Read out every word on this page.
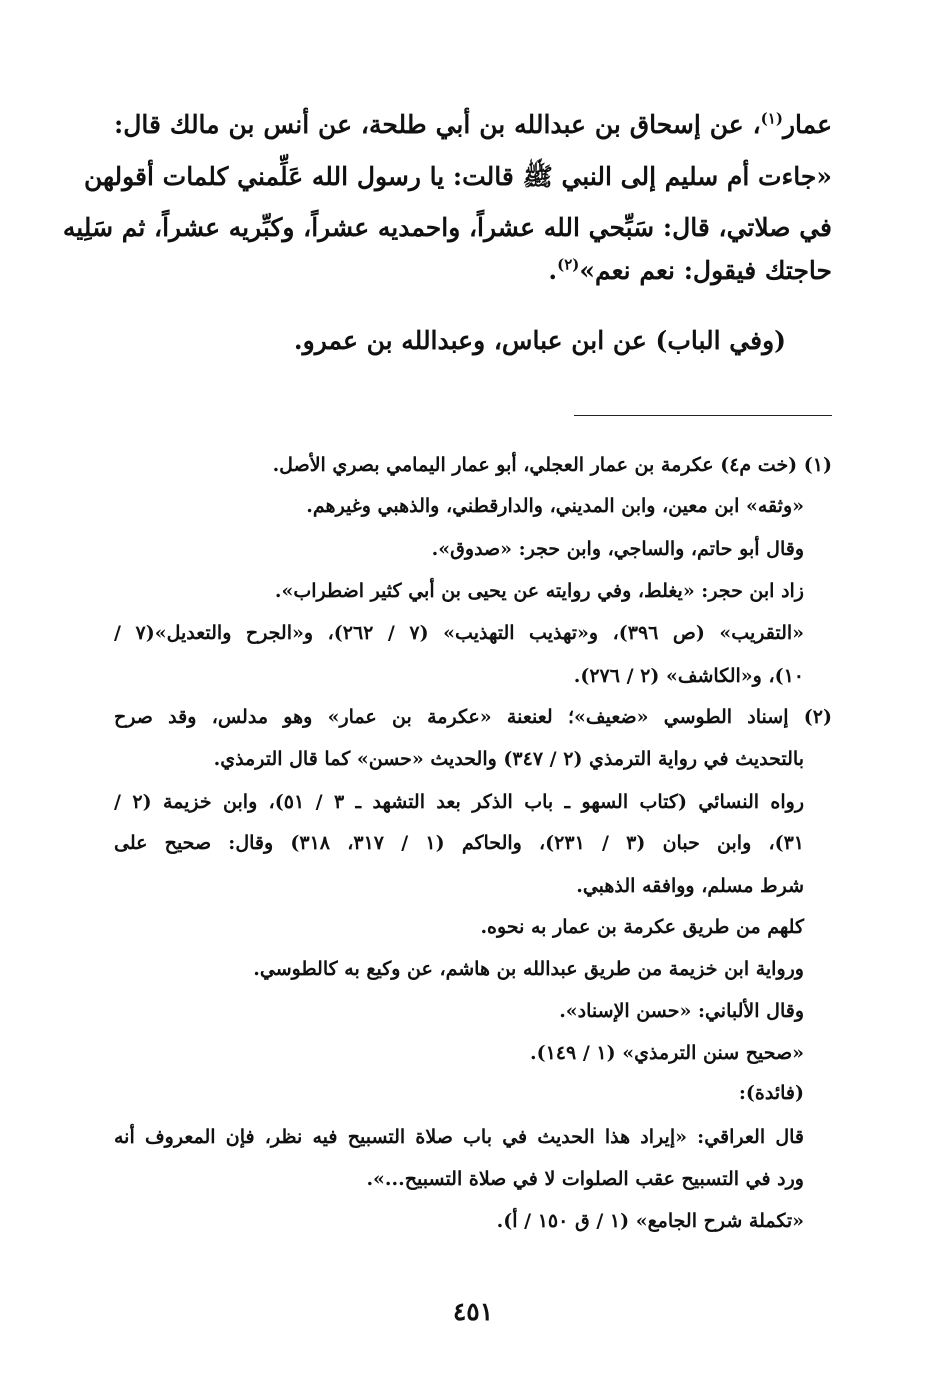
عمار$^{(١)}$، عن إسحاق بن عبدالله بن أبي طلحة، عن أنس بن مالك قال:
«جاءت أم سليم إلى النبي ﷺ قالت: يا رسول الله عَلِّمني كلمات أقولهن
في صلاتي، قال: سَبِّحي الله عشراً، واحمديه عشراً، وكبِّريه عشراً، ثم سَلِيه
حاجتك فيقول: نعم نعم»$^{(٢)}$.
(وفي الباب) عن ابن عباس، وعبدالله بن عمرو.
(١) (خت م٤) عكرمة بن عمار العجلي، أبو عمار اليمامي بصري الأصل.
«وثقه» ابن معين، وابن المديني، والدارقطني، والذهبي وغيرهم.
وقال أبو حاتم، والساجي، وابن حجر: «صدوق».
زاد ابن حجر: «يغلط، وفي روايته عن يحيى بن أبي كثير اضطراب».
«التقريب» (ص ٣٩٦)، و«تهذيب التهذيب» (٧ / ٢٦٢)، و«الجرح والتعديل»(٧ /
١٠)، و«الكاشف» (٢ / ٢٧٦).
(٢) إسناد الطوسي «ضعيف»؛ لعنعنة «عكرمة بن عمار» وهو مدلس، وقد صرح
بالتحديث في رواية الترمذي (٢ / ٣٤٧) والحديث «حسن» كما قال الترمذي.
رواه النسائي (كتاب السهو ـ باب الذكر بعد التشهد ـ ٣ / ٥١)، وابن خزيمة (٢ /
٣١)، وابن حبان (٣ / ٢٣١)، والحاكم (١ / ٣١٧، ٣١٨) وقال: صحيح على
شرط مسلم، ووافقه الذهبي.
كلهم من طريق عكرمة بن عمار به نحوه.
ورواية ابن خزيمة من طريق عبدالله بن هاشم، عن وكيع به كالطوسي.
وقال الألباني: «حسن الإسناد».
«صحيح سنن الترمذي» (١ / ١٤٩).
(فائدة):
قال العراقي: «إيراد هذا الحديث في باب صلاة التسبيح فيه نظر، فإن المعروف أنه
ورد في التسبيح عقب الصلوات لا في صلاة التسبيح...».
«تكملة شرح الجامع» (١ / ق ١٥٠ / أ).
٤٥١
